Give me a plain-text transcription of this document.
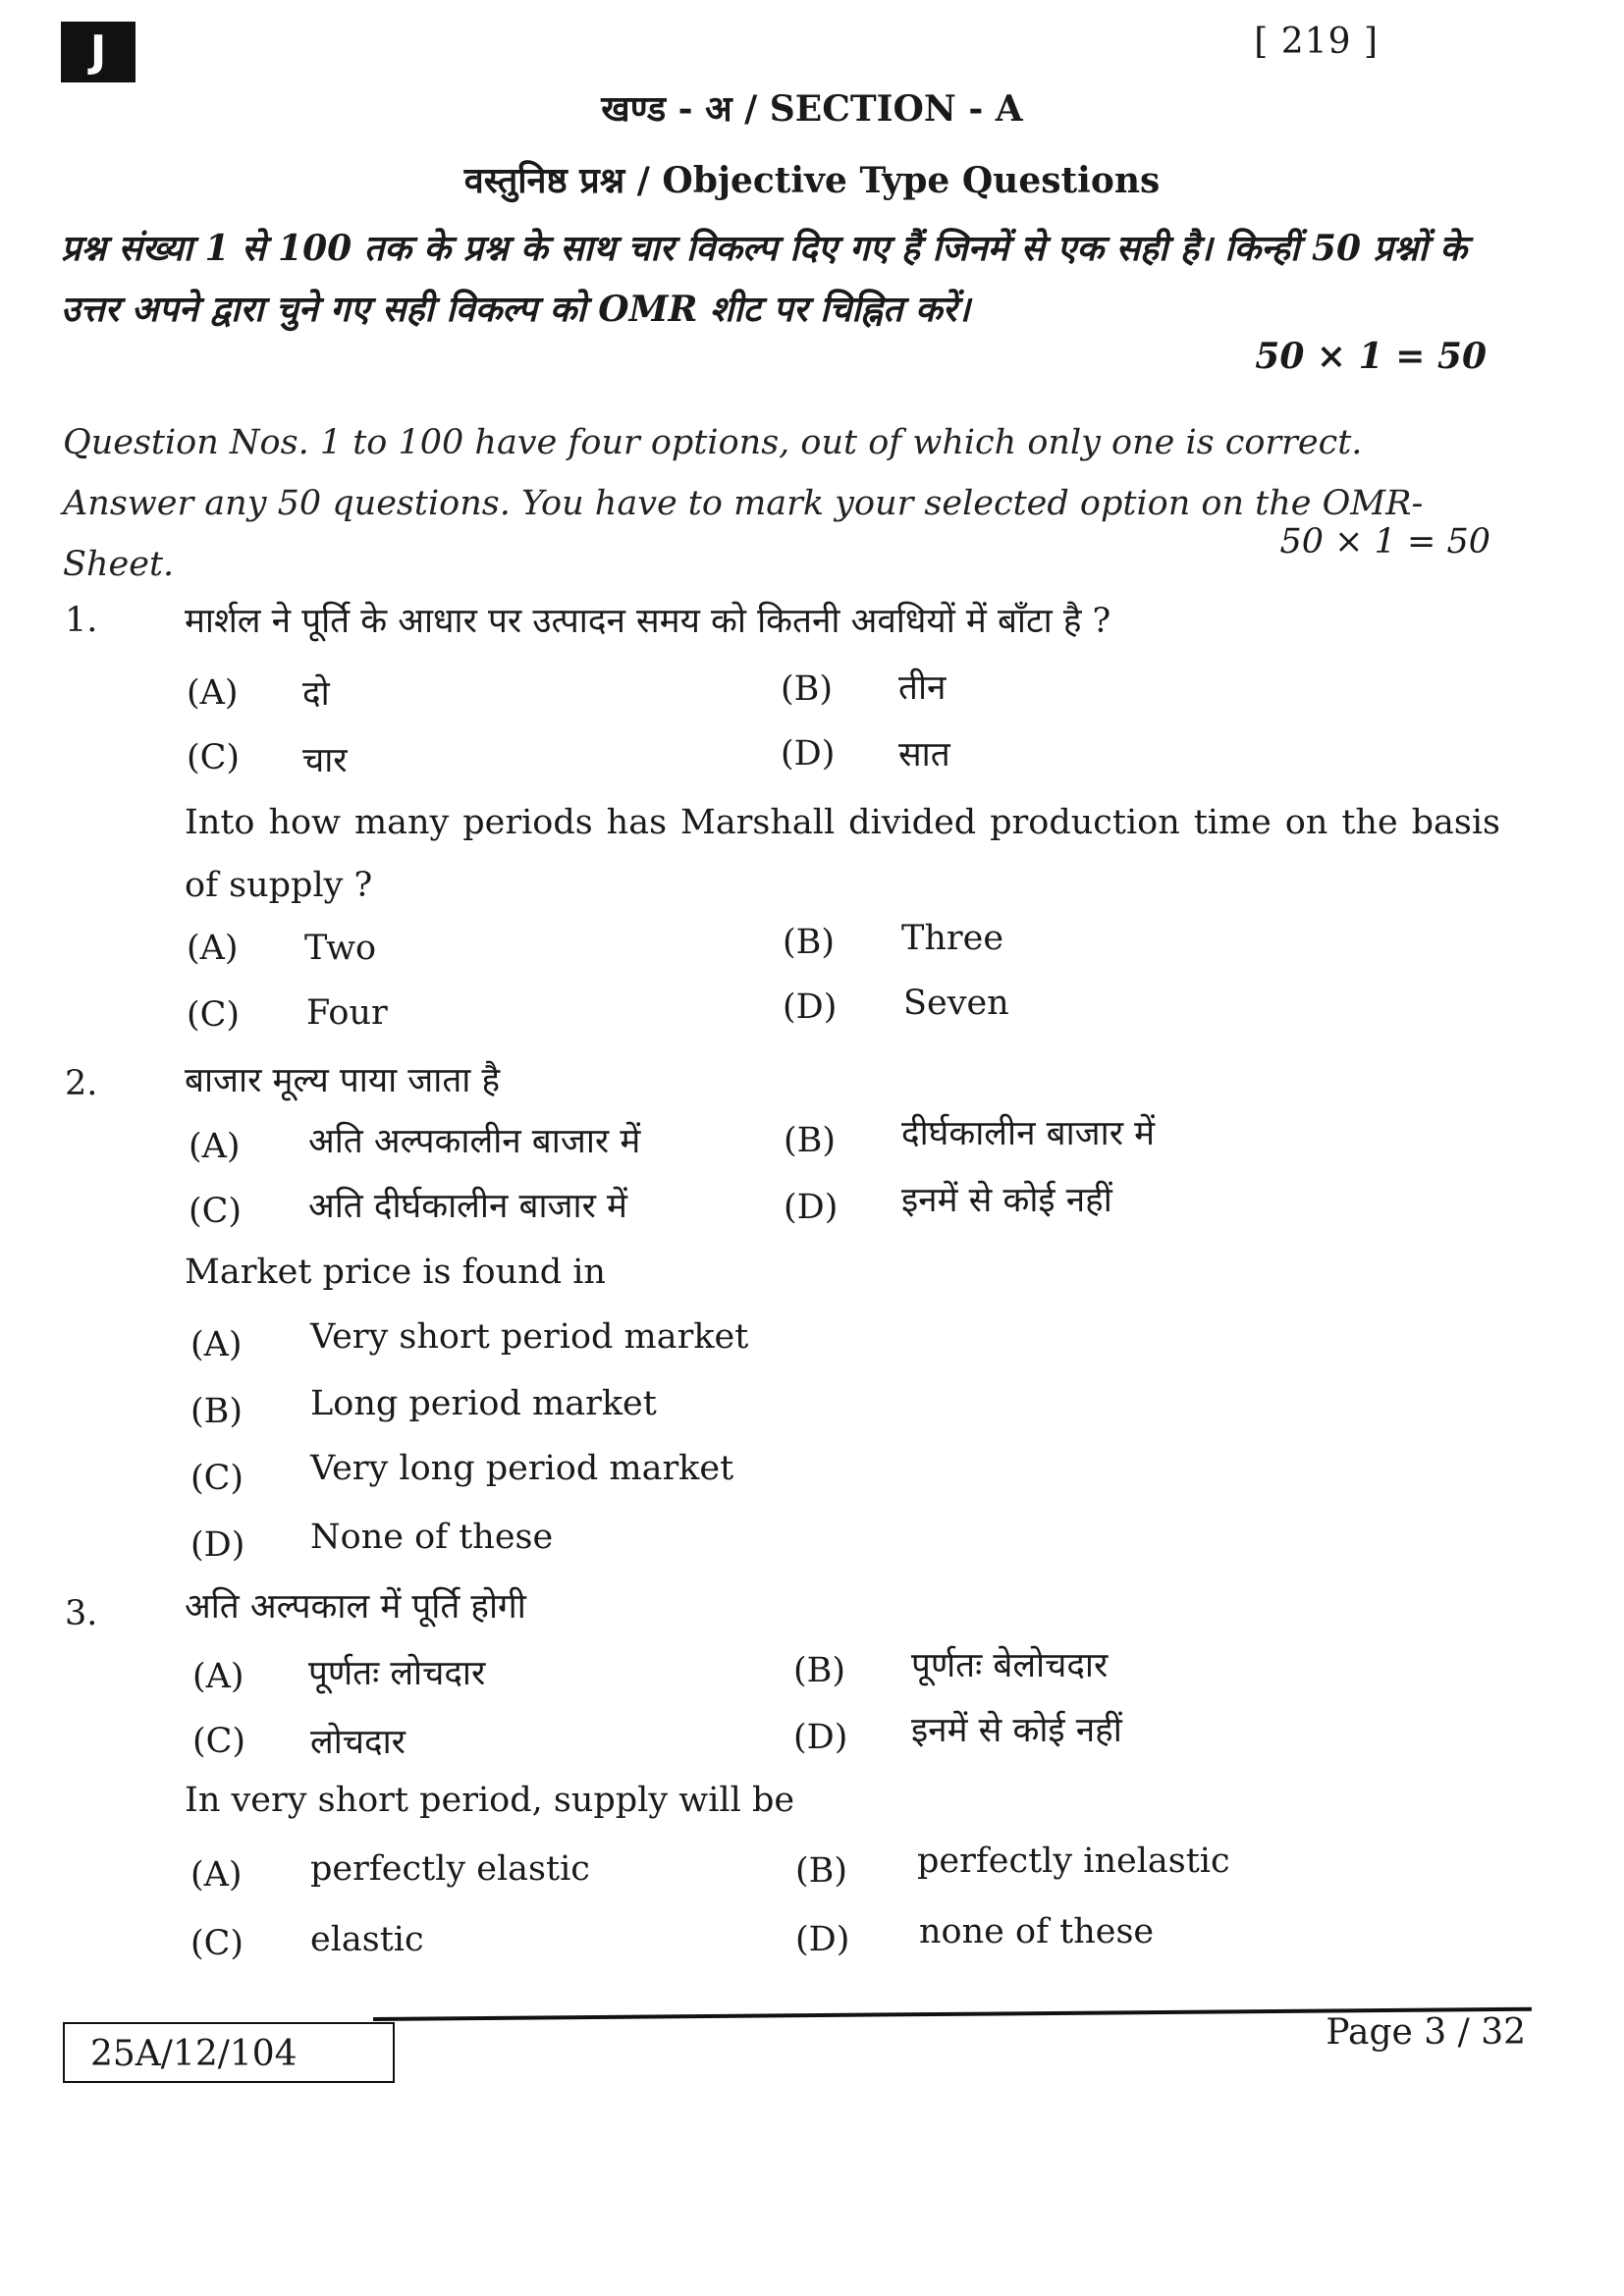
J	[ 219 ]
खण्ड - अ / SECTION - A
वस्तुनिष्ठ प्रश्न / Objective Type Questions
प्रश्न संख्या 1 से 100 तक के प्रश्न के साथ चार विकल्प दिए गए हैं जिनमें से एक सही है। किन्हीं 50 प्रश्नों के उत्तर अपने द्वारा चुने गए सही विकल्प को OMR शीट पर चिह्नित करें।
50 × 1 = 50
Question Nos. 1 to 100 have four options, out of which only one is correct. Answer any 50 questions. You have to mark your selected option on the OMR-Sheet.
50 × 1 = 50
1.	मार्शल ने पूर्ति के आधार पर उत्पादन समय को कितनी अवधियों में बाँटा है ?
(A) दो	(B) तीन
(C) चार	(D) सात
Into how many periods has Marshall divided production time on the basis of supply ?
(A) Two	(B) Three
(C) Four	(D) Seven
2.	बाजार मूल्य पाया जाता है
(A) अति अल्पकालीन बाजार में	(B) दीर्घकालीन बाजार में
(C) अति दीर्घकालीन बाजार में	(D) इनमें से कोई नहीं
Market price is found in
(A) Very short period market
(B) Long period market
(C) Very long period market
(D) None of these
3.	अति अल्पकाल में पूर्ति होगी
(A) पूर्णतः लोचदार	(B) पूर्णतः बेलोचदार
(C) लोचदार	(D) इनमें से कोई नहीं
In very short period, supply will be
(A) perfectly elastic	(B) perfectly inelastic
(C) elastic	(D) none of these
25A/12/104
Page 3 / 32
